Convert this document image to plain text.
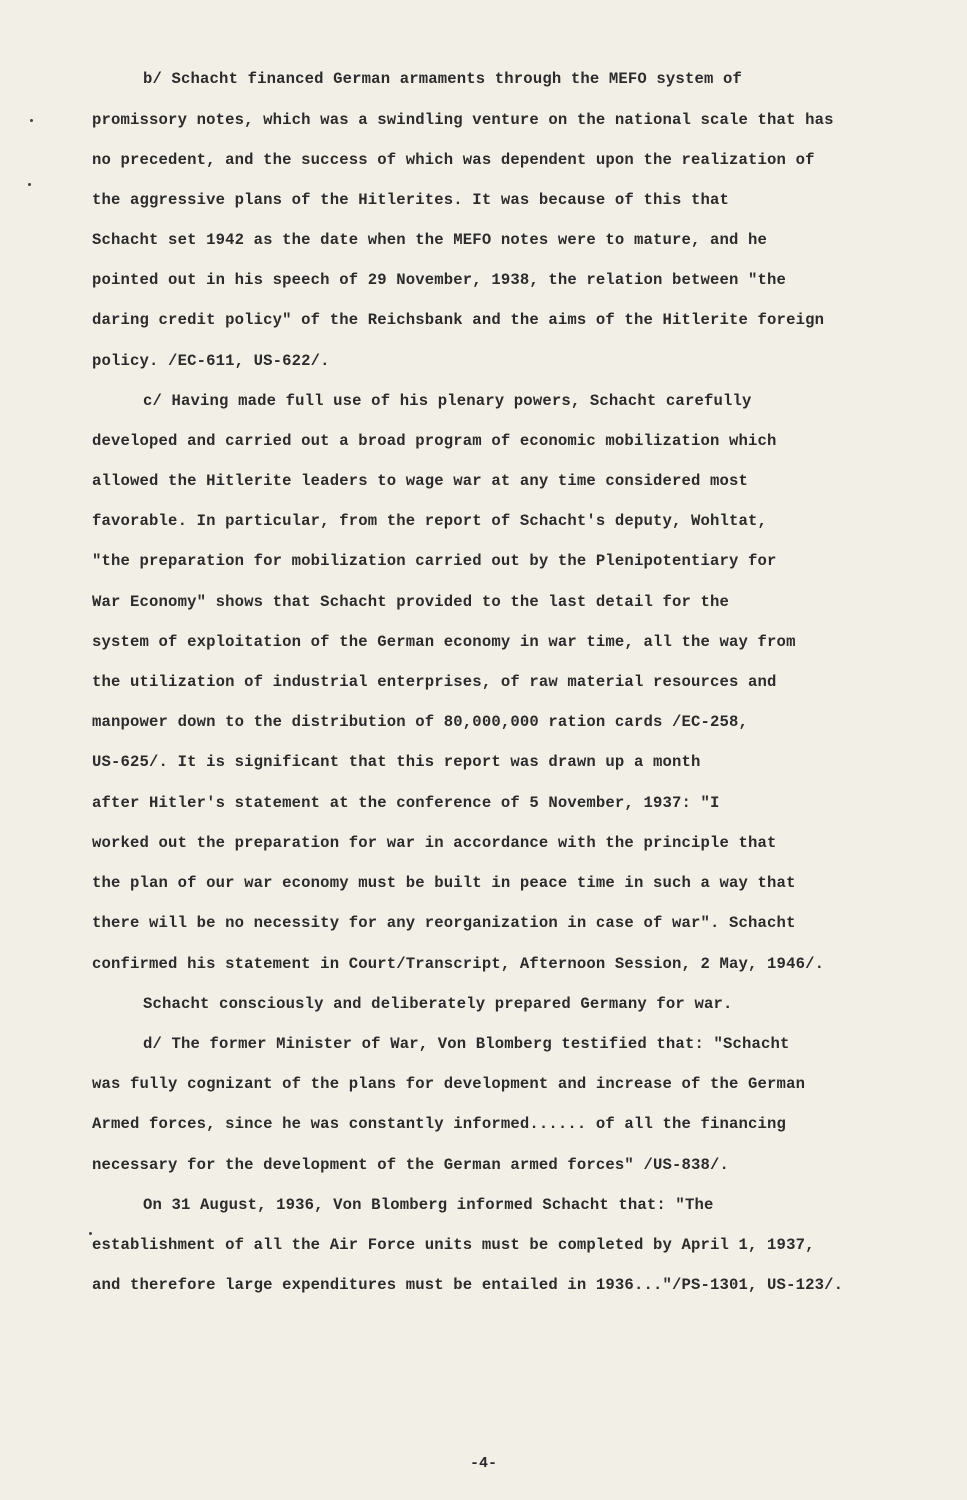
b/ Schacht financed German armaments through the MEFO system of
promissory notes, which was a swindling venture on the national scale that has
no precedent, and the success of which was dependent upon the realization of
the aggressive plans of the Hitlerites. It was because of this that
Schacht set 1942 as the date when the MEFO notes were to mature, and he
pointed out in his speech of 29 November, 1938, the relation between "the
daring credit policy" of the Reichsbank and the aims of the Hitlerite foreign
policy. /EC-611, US-622/.
c/ Having made full use of his plenary powers, Schacht carefully
developed and carried out a broad program of economic mobilization which
allowed the Hitlerite leaders to wage war at any time considered most
favorable. In particular, from the report of Schacht's deputy, Wohltat,
"the preparation for mobilization carried out by the Plenipotentiary for
War Economy" shows that Schacht provided to the last detail for the
system of exploitation of the German economy in war time, all the way from
the utilization of industrial enterprises, of raw material resources and
manpower down to the distribution of 80,000,000 ration cards /EC-258,
US-625/. It is significant that this report was drawn up a month
after Hitler's statement at the conference of 5 November, 1937: "I
worked out the preparation for war in accordance with the principle that
the plan of our war economy must be built in peace time in such a way that
there will be no necessity for any reorganization in case of war". Schacht
confirmed his statement in Court/Transcript, Afternoon Session, 2 May, 1946/.
Schacht consciously and deliberately prepared Germany for war.
d/ The former Minister of War, Von Blomberg testified that: "Schacht
was fully cognizant of the plans for development and increase of the German
Armed forces, since he was constantly informed...... of all the financing
necessary for the development of the German armed forces" /US-838/.
On 31 August, 1936, Von Blomberg informed Schacht that: "The
establishment of all the Air Force units must be completed by April 1, 1937,
and therefore large expenditures must be entailed in 1936..."/PS-1301, US-123/.
-4-
